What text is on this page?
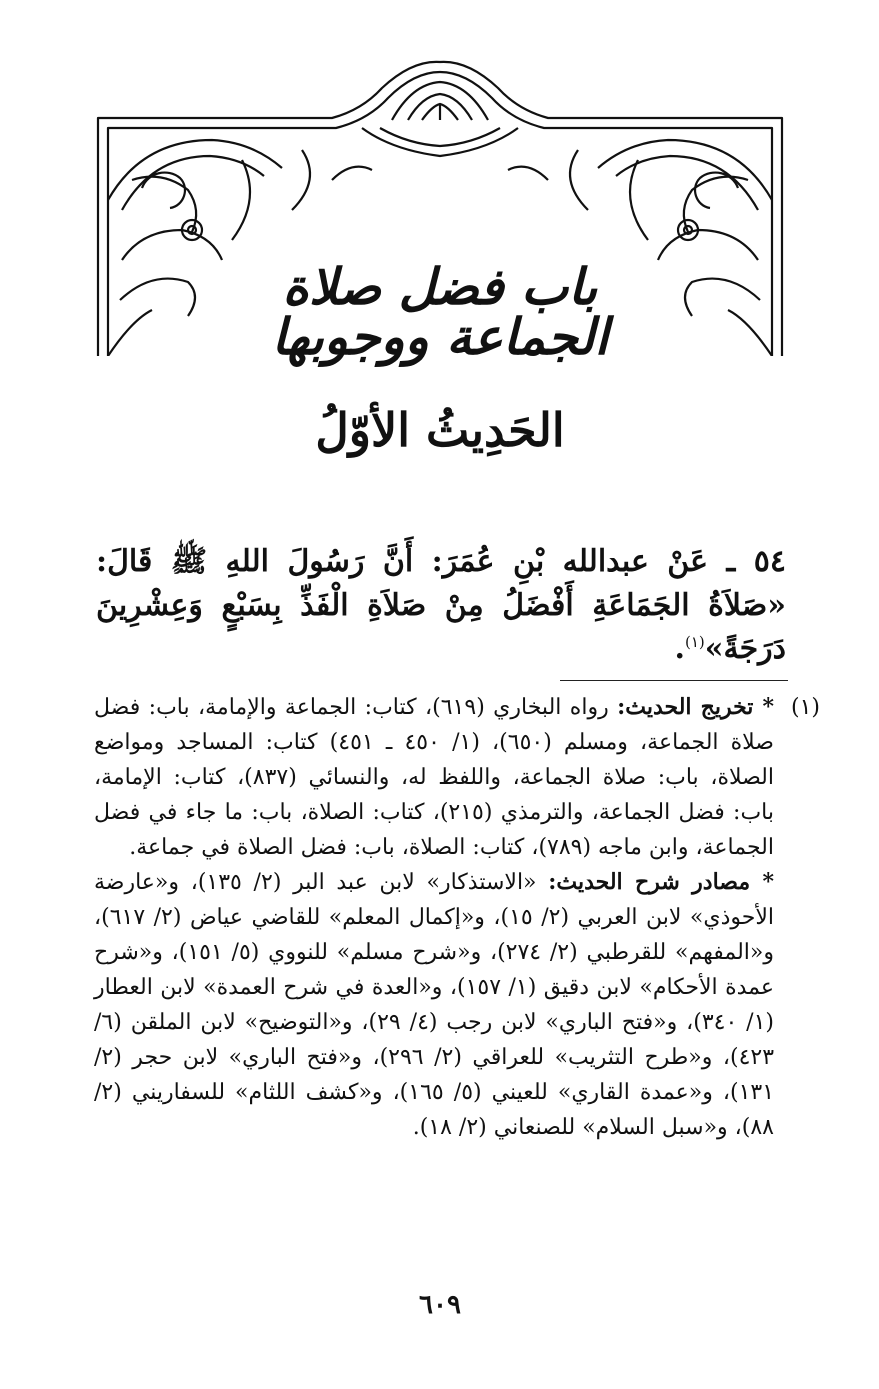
باب فضل صلاة الجماعة ووجوبها
الحَدِيثُ الأوّلُ
٥٤ ـ عَنْ عبدالله بْنِ عُمَرَ: أَنَّ رَسُولَ اللهِ ﷺ قَالَ: «صَلاَةُ الجَمَاعَةِ أَفْضَلُ مِنْ صَلاَةِ الْفَذِّ بِسَبْعٍ وَعِشْرِينَ دَرَجَةً»$^{(١)}$.
(١)

* تخريج الحديث: رواه البخاري (٦١٩)، كتاب: الجماعة والإمامة، باب: فضل صلاة الجماعة، ومسلم (٦٥٠)، (١/ ٤٥٠ ـ ٤٥١) كتاب: المساجد ومواضع الصلاة، باب: صلاة الجماعة، واللفظ له، والنسائي (٨٣٧)، كتاب: الإمامة، باب: فضل الجماعة، والترمذي (٢١٥)، كتاب: الصلاة، باب: ما جاء في فضل الجماعة، وابن ماجه (٧٨٩)، كتاب: الصلاة، باب: فضل الصلاة في جماعة.

* مصادر شرح الحديث: «الاستذكار» لابن عبد البر (٢/ ١٣٥)، و«عارضة الأحوذي» لابن العربي (٢/ ١٥)، و«إكمال المعلم» للقاضي عياض (٢/ ٦١٧)، و«المفهم» للقرطبي (٢/ ٢٧٤)، و«شرح مسلم» للنووي (٥/ ١٥١)، و«شرح عمدة الأحكام» لابن دقيق (١/ ١٥٧)، و«العدة في شرح العمدة» لابن العطار (١/ ٣٤٠)، و«فتح الباري» لابن رجب (٤/ ٢٩)، و«التوضيح» لابن الملقن (٦/ ٤٢٣)، و«طرح التثريب» للعراقي (٢/ ٢٩٦)، و«فتح الباري» لابن حجر (٢/ ١٣١)، و«عمدة القاري» للعيني (٥/ ١٦٥)، و«كشف اللثام» للسفاريني (٢/ ٨٨)، و«سبل السلام» للصنعاني (٢/ ١٨).

٦٠٩
